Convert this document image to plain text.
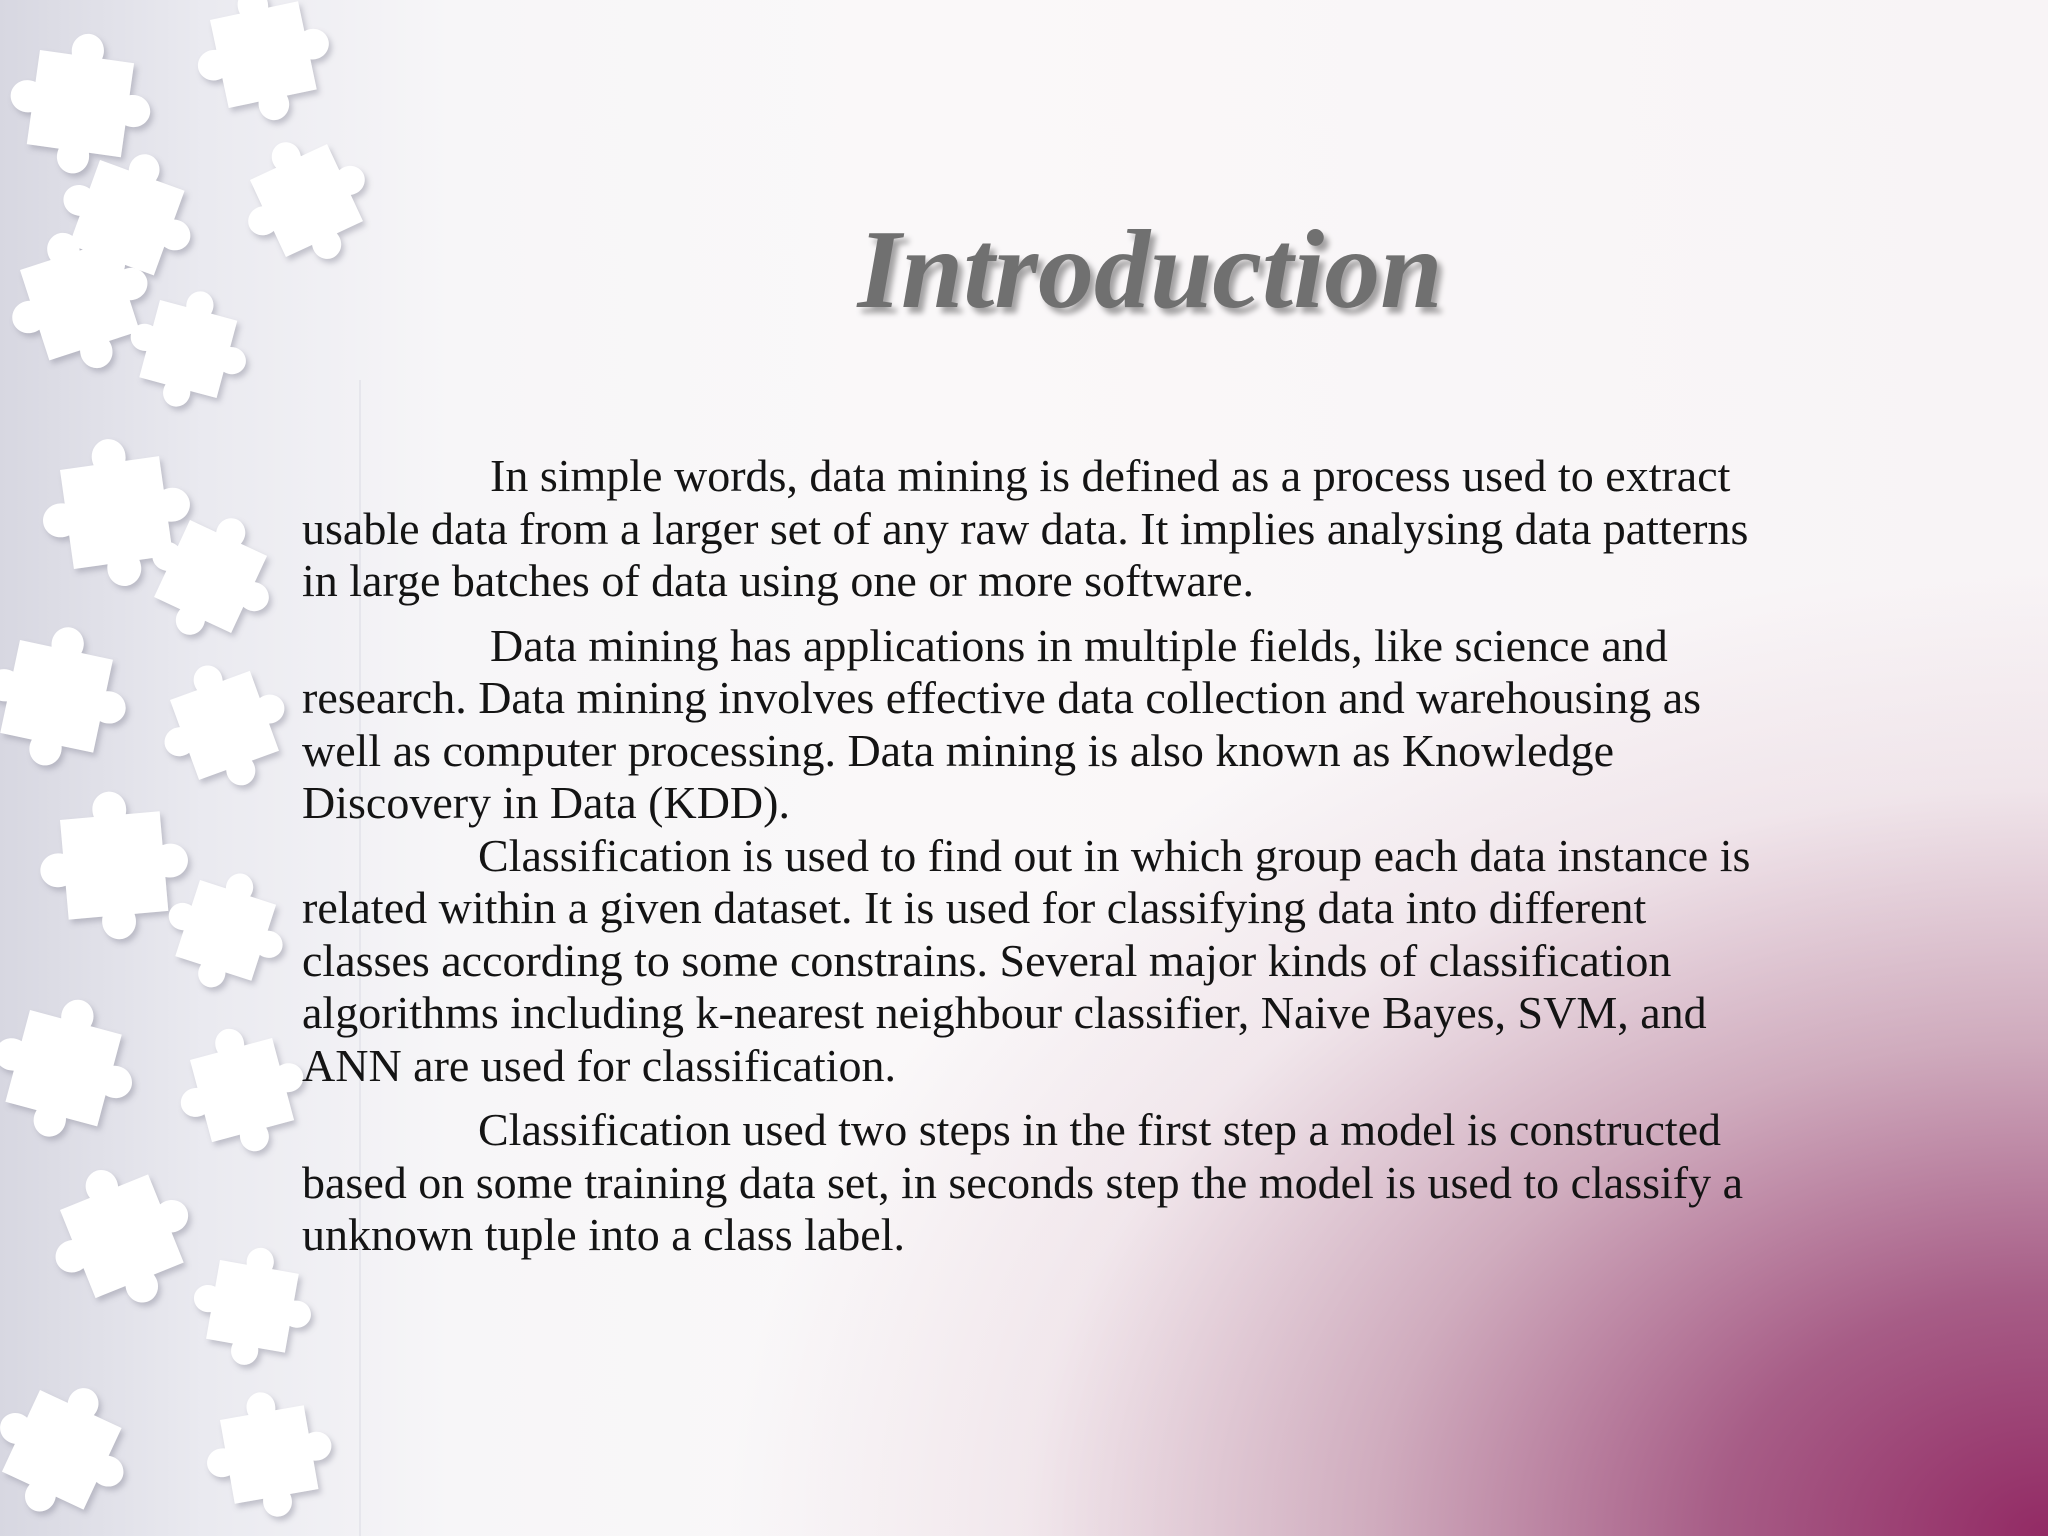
Introduction

In simple words, data mining is defined as a process used to extract

usable data from a larger set of any raw data. It implies analysing data patterns

in large batches of data using one or more software.

Data mining has applications in multiple fields, like science and

research. Data mining involves effective data collection and warehousing as

well as computer processing. Data mining is also known as Knowledge

Discovery in Data (KDD).

Classification is used to find out in which group each data instance is

related within a given dataset. It is used for classifying data into different

classes according to some constrains. Several major kinds of classification

algorithms including k-nearest neighbour classifier, Naive Bayes, SVM, and

ANN are used for classification.

Classification used two steps in the first step a model is constructed

based on some training data set, in seconds step the model is used to classify a

unknown tuple into a class label.
